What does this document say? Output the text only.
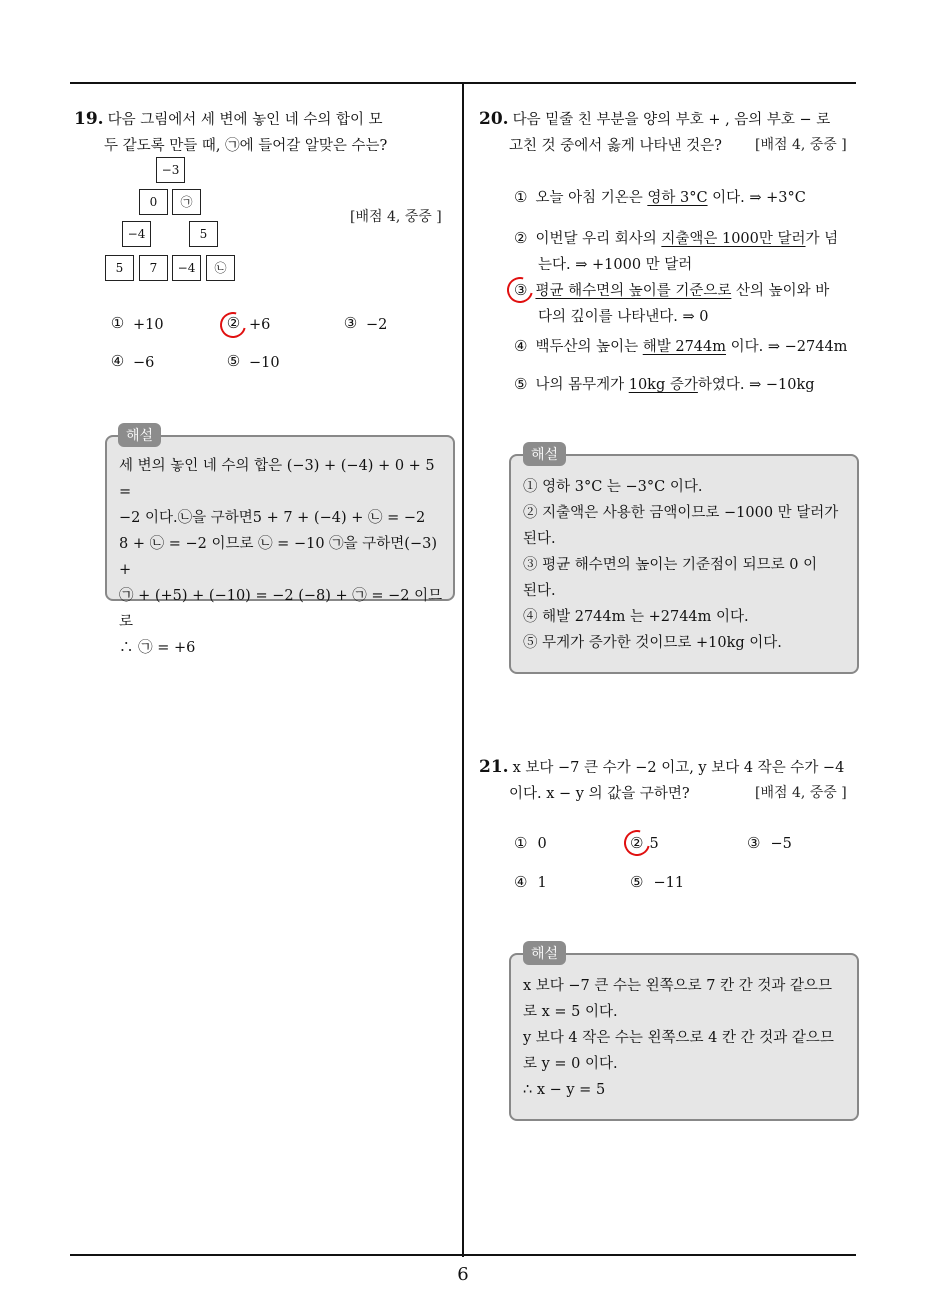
6
19. 다음 그림에서 세 변에 놓인 네 수의 합이 모
두 같도록 만들 때, ㉠에 들어갈 알맞은 수는?
−3
0	㉠
−4	5
5	7	−4	㉡
[배점 4, 중중 ]
① +10	② +6	③ −2
④ −6	⑤ −10
세 변의 놓인 네 수의 합은 (−3) + (−4) + 0 + 5 =
−2 이다.㉡을 구하면5 + 7 + (−4) + ㉡ = −2
8 + ㉡ = −2 이므로 ㉡ = −10 ㉠을 구하면(−3) +
㉠ + (+5) + (−10) = −2 (−8) + ㉠ = −2 이므로
∴ ㉠ = +6
해설
20. 다음 밑줄 친 부분을 양의 부호 + , 음의 부호 − 로
고친 것 중에서 옳게 나타낸 것은?	[배점 4, 중중 ]
① 오늘 아침 기온은 영하 3°C 이다. ⇒ +3°C
② 이번달 우리 회사의 지출액은 1000만 달러가 넘
는다. ⇒ +1000 만 달러
③ 평균 해수면의 높이를 기준으로 산의 높이와 바
다의 깊이를 나타낸다. ⇒ 0
④ 백두산의 높이는 해발 2744m 이다. ⇒ −2744m
⑤ 나의 몸무게가 10kg 증가하였다. ⇒ −10kg
① 영하 3°C 는 −3°C 이다.
② 지출액은 사용한 금액이므로 −1000 만 달러가
된다.
③ 평균 해수면의 높이는 기준점이 되므로 0 이
된다.
④ 해발 2744m 는 +2744m 이다.
⑤ 무게가 증가한 것이므로 +10kg 이다.
해설
21. x 보다 −7 큰 수가 −2 이고, y 보다 4 작은 수가 −4
이다. x − y 의 값을 구하면?	[배점 4, 중중 ]
① 0	② 5	③ −5
④ 1	⑤ −11
x 보다 −7 큰 수는 왼쪽으로 7 칸 간 것과 같으므
로 x = 5 이다.
y 보다 4 작은 수는 왼쪽으로 4 칸 간 것과 같으므
로 y = 0 이다.
∴ x − y = 5
해설
